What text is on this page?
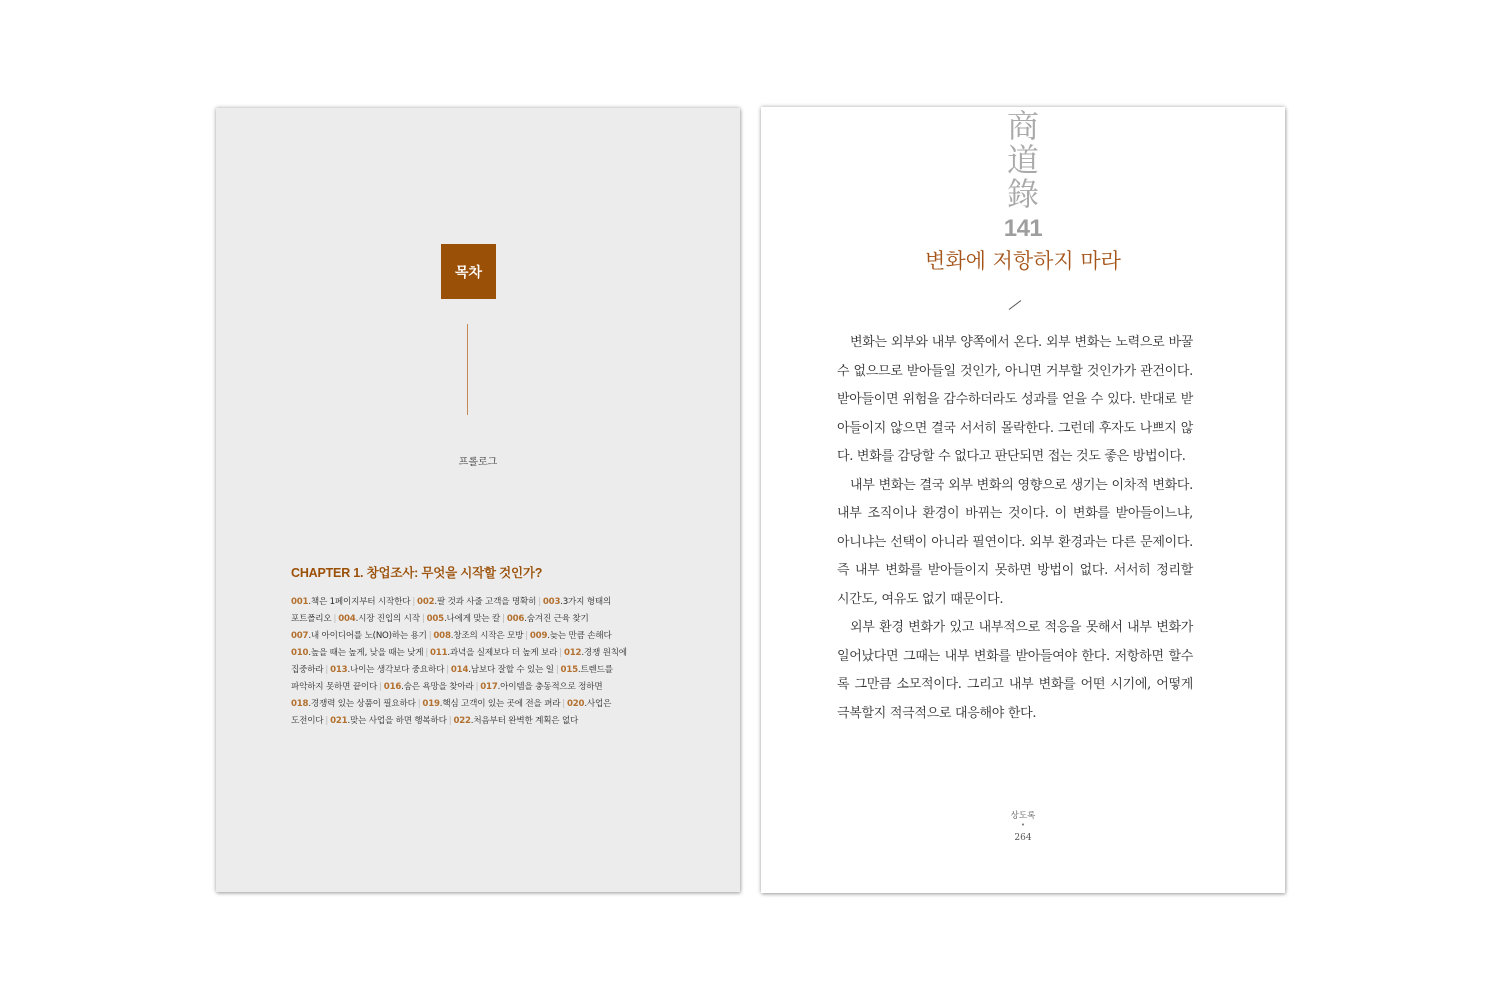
목차
프롤로그
CHAPTER 1. 창업조사: 무엇을 시작할 것인가?
001.책은 1페이지부터 시작한다 | 002.팔 것과 사줄 고객을 명확히 | 003.3가지 형태의
포트폴리오 | 004.시장 진입의 시작 | 005.나에게 맞는 칼 | 006.숨겨진 근육 찾기
007.내 아이디어를 노(NO)하는 용기 | 008.창조의 시작은 모방 | 009.늦는 만큼 손해다
010.높을 때는 높게, 낮을 때는 낮게 | 011.과녁을 실제보다 더 높게 보라 | 012.경쟁 원칙에
집중하라 | 013.나이는 생각보다 중요하다 | 014.남보다 잘할 수 있는 일 | 015.트렌드를
파악하지 못하면 끝이다 | 016.숨은 욕망을 찾아라 | 017.아이템을 충동적으로 정하면
018.경쟁력 있는 상품이 필요하다 | 019.핵심 고객이 있는 곳에 전을 펴라 | 020.사업은
도전이다 | 021.맞는 사업을 하면 행복하다 | 022.처음부터 완벽한 계획은 없다
商
道
錄
141
변화에 저항하지 마라

변화는 외부와 내부 양쪽에서 온다. 외부 변화는 노력으로 바꿀 수 없으므로 받아들일 것인가, 아니면 거부할 것인가가 관건이다. 받아들이면 위험을 감수하더라도 성과를 얻을 수 있다. 반대로 받아들이지 않으면 결국 서서히 몰락한다. 그런데 후자도 나쁘지 않다. 변화를 감당할 수 없다고 판단되면 접는 것도 좋은 방법이다.

내부 변화는 결국 외부 변화의 영향으로 생기는 이차적 변화다. 내부 조직이나 환경이 바뀌는 것이다. 이 변화를 받아들이느냐, 아니냐는 선택이 아니라 필연이다. 외부 환경과는 다른 문제이다. 즉 내부 변화를 받아들이지 못하면 방법이 없다. 서서히 정리할 시간도, 여유도 없기 때문이다.

외부 환경 변화가 있고 내부적으로 적응을 못해서 내부 변화가 일어났다면 그때는 내부 변화를 받아들여야 한다. 저항하면 할수록 그만큼 소모적이다. 그리고 내부 변화를 어떤 시기에, 어떻게 극복할지 적극적으로 대응해야 한다.

상도록
•
264
